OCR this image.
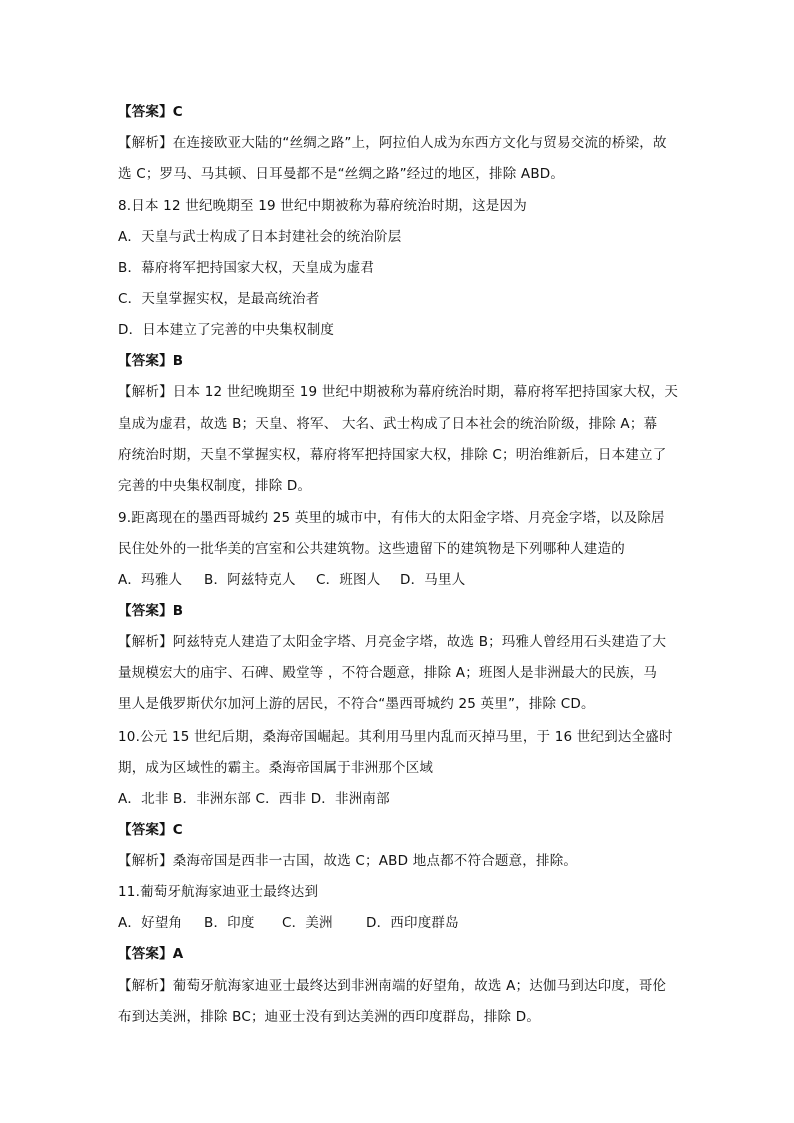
【答案】C
【解析】在连接欧亚大陆的“丝绸之路”上，阿拉伯人成为东西方文化与贸易交流的桥梁，故
选 C；罗马、马其顿、日耳曼都不是“丝绸之路”经过的地区，排除 ABD。
8.日本 12 世纪晚期至 19 世纪中期被称为幕府统治时期，这是因为
A．天皇与武士构成了日本封建社会的统治阶层
B．幕府将军把持国家大权，天皇成为虚君
C．天皇掌握实权，是最高统治者
D．日本建立了完善的中央集权制度
【答案】B
【解析】日本 12 世纪晚期至 19 世纪中期被称为幕府统治时期，幕府将军把持国家大权，天
皇成为虚君，故选 B；天皇、将军、 大名、武士构成了日本社会的统治阶级，排除 A；幕
府统治时期，天皇不掌握实权，幕府将军把持国家大权，排除 C；明治维新后，日本建立了
完善的中央集权制度，排除 D。
9.距离现在的墨西哥城约 25 英里的城市中，有伟大的太阳金字塔、月亮金字塔，以及除居
民住处外的一批华美的宫室和公共建筑物。这些遗留下的建筑物是下列哪种人建造的
A．玛雅人 B．阿兹特克人 C．班图人 D．马里人
【答案】B
【解析】阿兹特克人建造了太阳金字塔、月亮金字塔，故选 B；玛雅人曾经用石头建造了大
量规模宏大的庙宇、石碑、殿堂等 ，不符合题意，排除 A；班图人是非洲最大的民族，马
里人是俄罗斯伏尔加河上游的居民，不符合“墨西哥城约 25 英里”，排除 CD。
10.公元 15 世纪后期，桑海帝国崛起。其利用马里内乱而灭掉马里，于 16 世纪到达全盛时
期，成为区域性的霸主。桑海帝国属于非洲那个区域
A．北非 B．非洲东部 C．西非 D．非洲南部
【答案】C
【解析】桑海帝国是西非一古国，故选 C；ABD 地点都不符合题意，排除。
11.葡萄牙航海家迪亚士最终达到
A．好望角 B．印度 C．美洲 D．西印度群岛
【答案】A
【解析】葡萄牙航海家迪亚士最终达到非洲南端的好望角，故选 A；达伽马到达印度，哥伦
布到达美洲，排除 BC；迪亚士没有到达美洲的西印度群岛，排除 D。
